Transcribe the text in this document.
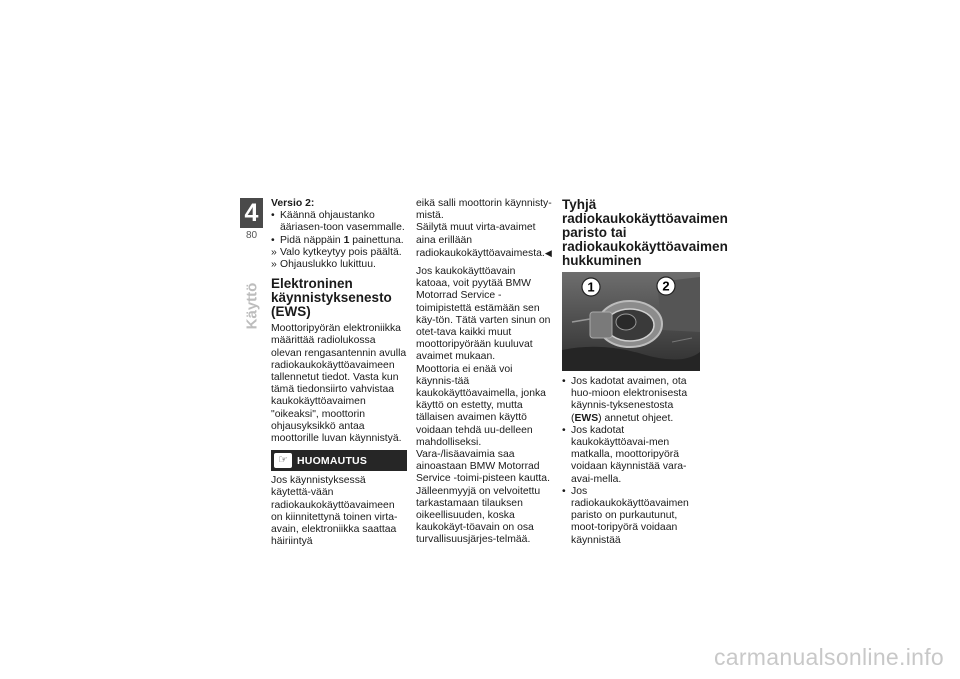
4
80
Käyttö

Versio 2:

• Käännä ohjaustanko ääriasen-toon vasemmalle.
• Pidä näppäin 1 painettuna.
» Valo kytkeytyy pois päältä.
» Ohjauslukko lukittuu.
Elektroninen käynnistyksenesto (EWS)

Moottoripyörän elektroniikka määrittää radiolukossa olevan rengasantennin avulla radiokaukokäyttöavaimeen tallennetut tiedot. Vasta kun tämä tiedonsiirto vahvistaa kaukokäyttöavaimen "oikeaksi", moottorin ohjausyksikkö antaa moottorille luvan käynnistyä.

☞ HUOMAUTUS

Jos käynnistyksessä käytettä-vään radiokaukokäyttöavaimeen on kiinnitettynä toinen virta-avain, elektroniikka saattaa häiriintyä

eikä salli moottorin käynnisty-mistä.

Säilytä muut virta-avaimet aina erillään radiokaukokäyttöavaimesta.◀

Jos kaukokäyttöavain katoaa, voit pyytää BMW Motorrad Service -toimipistettä estämään sen käy-tön. Tätä varten sinun on otet-tava kaikki muut moottoripyörään kuuluvat avaimet mukaan.

Moottoria ei enää voi käynnis-tää kaukokäyttöavaimella, jonka käyttö on estetty, mutta tällaisen avaimen käyttö voidaan tehdä uu-delleen mahdolliseksi.

Vara-/lisäavaimia saa ainoastaan BMW Motorrad Service -toimi-pisteen kautta. Jälleenmyyjä on velvoitettu tarkastamaan tilauksen oikeellisuuden, koska kaukokäyt-töavain on osa turvallisuusjärjes-telmää.

Tyhjä radiokaukokäyttöavaimen paristo tai radiokaukokäyttöavaimen hukkuminen
1	2
• Jos kadotat avaimen, ota huo-mioon elektronisesta käynnis-tyksenestosta (EWS) annetut ohjeet.
• Jos kadotat kaukokäyttöavai-men matkalla, moottoripyörä voidaan käynnistää vara-avai-mella.
• Jos radiokaukokäyttöavaimen paristo on purkautunut, moot-toripyörä voidaan käynnistää
carmanualsonline.info
